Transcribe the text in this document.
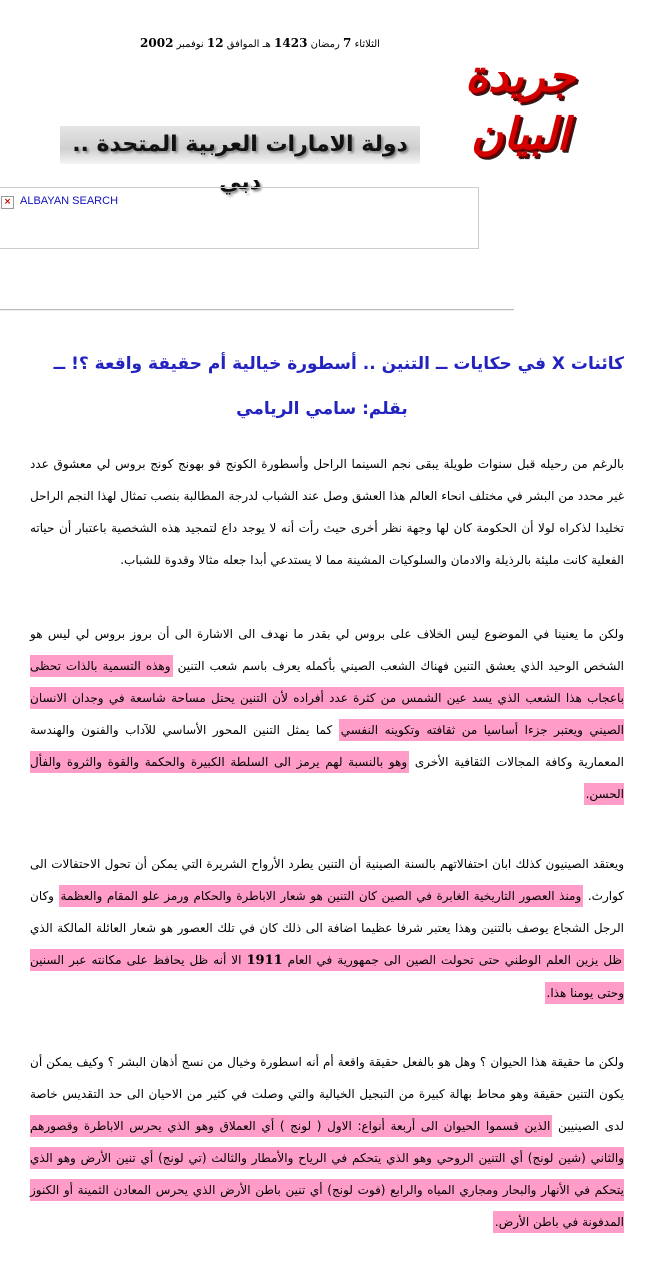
الثلاثاء 7 رمضان 1423 هـ الموافق 12 نوفمبر 2002
جريدة البيان
دولة الامارات العربية المتحدة .. دبي
× ALBAYAN SEARCH
كائنات X في حكايات ــ التنين .. أسطورة خيالية أم حقيقة واقعة ؟! ــ
بقلم: سامي الريامي
بالرغم من رحيله قبل سنوات طويلة يبقى نجم السينما الراحل وأسطورة الكونج فو بهونج كونج بروس لي معشوق عدد غير محدد من البشر في مختلف انحاء العالم هذا العشق وصل عند الشباب لدرجة المطالبة بنصب تمثال لهذا النجم الراحل تخليدا لذكراه لولا أن الحكومة كان لها وجهة نظر أخرى حيث رأت أنه لا يوجد داع لتمجيد هذه الشخصية باعتبار أن حياته الفعلية كانت مليئة بالرذيلة والادمان والسلوكيات المشينة مما لا يستدعي أبدا جعله مثالا وقدوة للشباب.
ولكن ما يعنينا في الموضوع ليس الخلاف على بروس لي بقدر ما نهدف الى الاشارة الى أن بروز بروس لي ليس هو الشخص الوحيد الذي يعشق التنين فهناك الشعب الصيني بأكمله يعرف باسم شعب التنين وهذه التسمية بالذات تحظى باعجاب هذا الشعب الذي يسد عين الشمس من كثرة عدد أفراده لأن التنين يحتل مساحة شاسعة في وجدان الانسان الصيني ويعتبر جزءا أساسيا من ثقافته وتكوينه النفسي كما يمثل التنين المحور الأساسي للآداب والفنون والهندسة المعمارية وكافة المجالات الثقافية الأخرى وهو بالنسبة لهم يرمز الى السلطة الكبيرة والحكمة والقوة والثروة والفأل الحسن.
ويعتقد الصينيون كذلك ابان احتفالاتهم بالسنة الصينية أن التنين يطرد الأرواح الشريرة التي يمكن أن تحول الاحتفالات الى كوارث. ومنذ العصور التاريخية الغابرة في الصين كان التنين هو شعار الاباطرة والحكام ورمز علو المقام والعظمة وكان الرجل الشجاع يوصف بالتنين وهذا يعتبر شرفا عظيما اضافة الى ذلك كان في تلك العصور هو شعار العائلة المالكة الذي ظل يزين العلم الوطني حتى تحولت الصين الى جمهورية في العام 1911 الا أنه ظل يحافظ على مكانته عبر السنين وحتى يومنا هذا.
ولكن ما حقيقة هذا الحيوان ؟ وهل هو بالفعل حقيقة واقعة أم أنه اسطورة وخيال من نسج أذهان البشر ؟ وكيف يمكن أن يكون التنين حقيقة وهو محاط بهالة كبيرة من التبجيل الخيالية والتي وصلت في كثير من الاحيان الى حد التقديس خاصة لدى الصينيين الذين قسموا الحيوان الى أربعة أنواع: الاول ( لونج ) أي العملاق وهو الذي يحرس الاباطرة وقصورهم والثاني (شين لونج) أي التنين الروحي وهو الذي يتحكم في الرياح والأمطار والثالث (تي لونج) أي تنين الأرض وهو الذي يتحكم في الأنهار والبحار ومجاري المياه والرابع (فوت لونج) أي تنين باطن الأرض الذي يحرس المعادن الثمينة أو الكنوز المدفونة في باطن الأرض.
